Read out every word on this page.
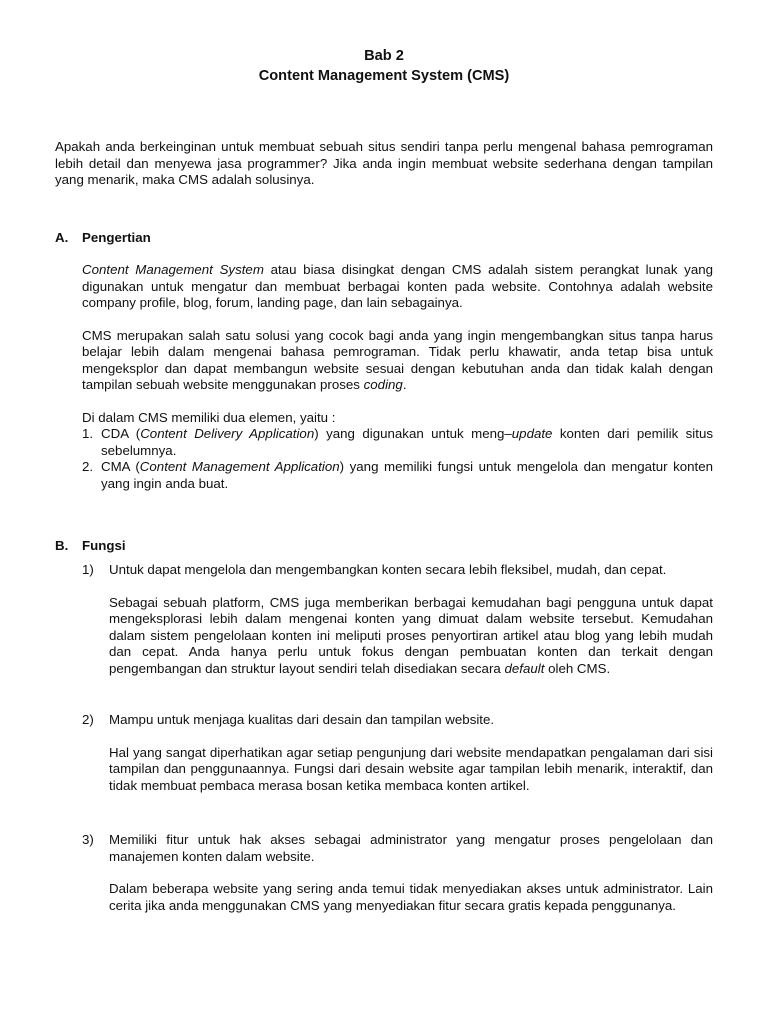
Bab 2
Content Management System (CMS)

Apakah anda berkeinginan untuk membuat sebuah situs sendiri tanpa perlu mengenal bahasa pemrograman lebih detail dan menyewa jasa programmer? Jika anda ingin membuat website sederhana dengan tampilan yang menarik, maka CMS adalah solusinya.

A. Pengertian

Content Management System atau biasa disingkat dengan CMS adalah sistem perangkat lunak yang digunakan untuk mengatur dan membuat berbagai konten pada website. Contohnya adalah website company profile, blog, forum, landing page, dan lain sebagainya.

CMS merupakan salah satu solusi yang cocok bagi anda yang ingin mengembangkan situs tanpa harus belajar lebih dalam mengenai bahasa pemrograman. Tidak perlu khawatir, anda tetap bisa untuk mengeksplor dan dapat membangun website sesuai dengan kebutuhan anda dan tidak kalah dengan tampilan sebuah website menggunakan proses coding.

Di dalam CMS memiliki dua elemen, yaitu :

1. CDA (Content Delivery Application) yang digunakan untuk meng–update konten dari pemilik situs sebelumnya.
2. CMA (Content Management Application) yang memiliki fungsi untuk mengelola dan mengatur konten yang ingin anda buat.
B. Fungsi
1) Untuk dapat mengelola dan mengembangkan konten secara lebih fleksibel, mudah, dan cepat.

Sebagai sebuah platform, CMS juga memberikan berbagai kemudahan bagi pengguna untuk dapat mengeksplorasi lebih dalam mengenai konten yang dimuat dalam website tersebut. Kemudahan dalam sistem pengelolaan konten ini meliputi proses penyortiran artikel atau blog yang lebih mudah dan cepat. Anda hanya perlu untuk fokus dengan pembuatan konten dan terkait dengan pengembangan dan struktur layout sendiri telah disediakan secara default oleh CMS.

2) Mampu untuk menjaga kualitas dari desain dan tampilan website.

Hal yang sangat diperhatikan agar setiap pengunjung dari website mendapatkan pengalaman dari sisi tampilan dan penggunaannya. Fungsi dari desain website agar tampilan lebih menarik, interaktif, dan tidak membuat pembaca merasa bosan ketika membaca konten artikel.

3) Memiliki fitur untuk hak akses sebagai administrator yang mengatur proses pengelolaan dan manajemen konten dalam website.

Dalam beberapa website yang sering anda temui tidak menyediakan akses untuk administrator. Lain cerita jika anda menggunakan CMS yang menyediakan fitur secara gratis kepada penggunanya.
